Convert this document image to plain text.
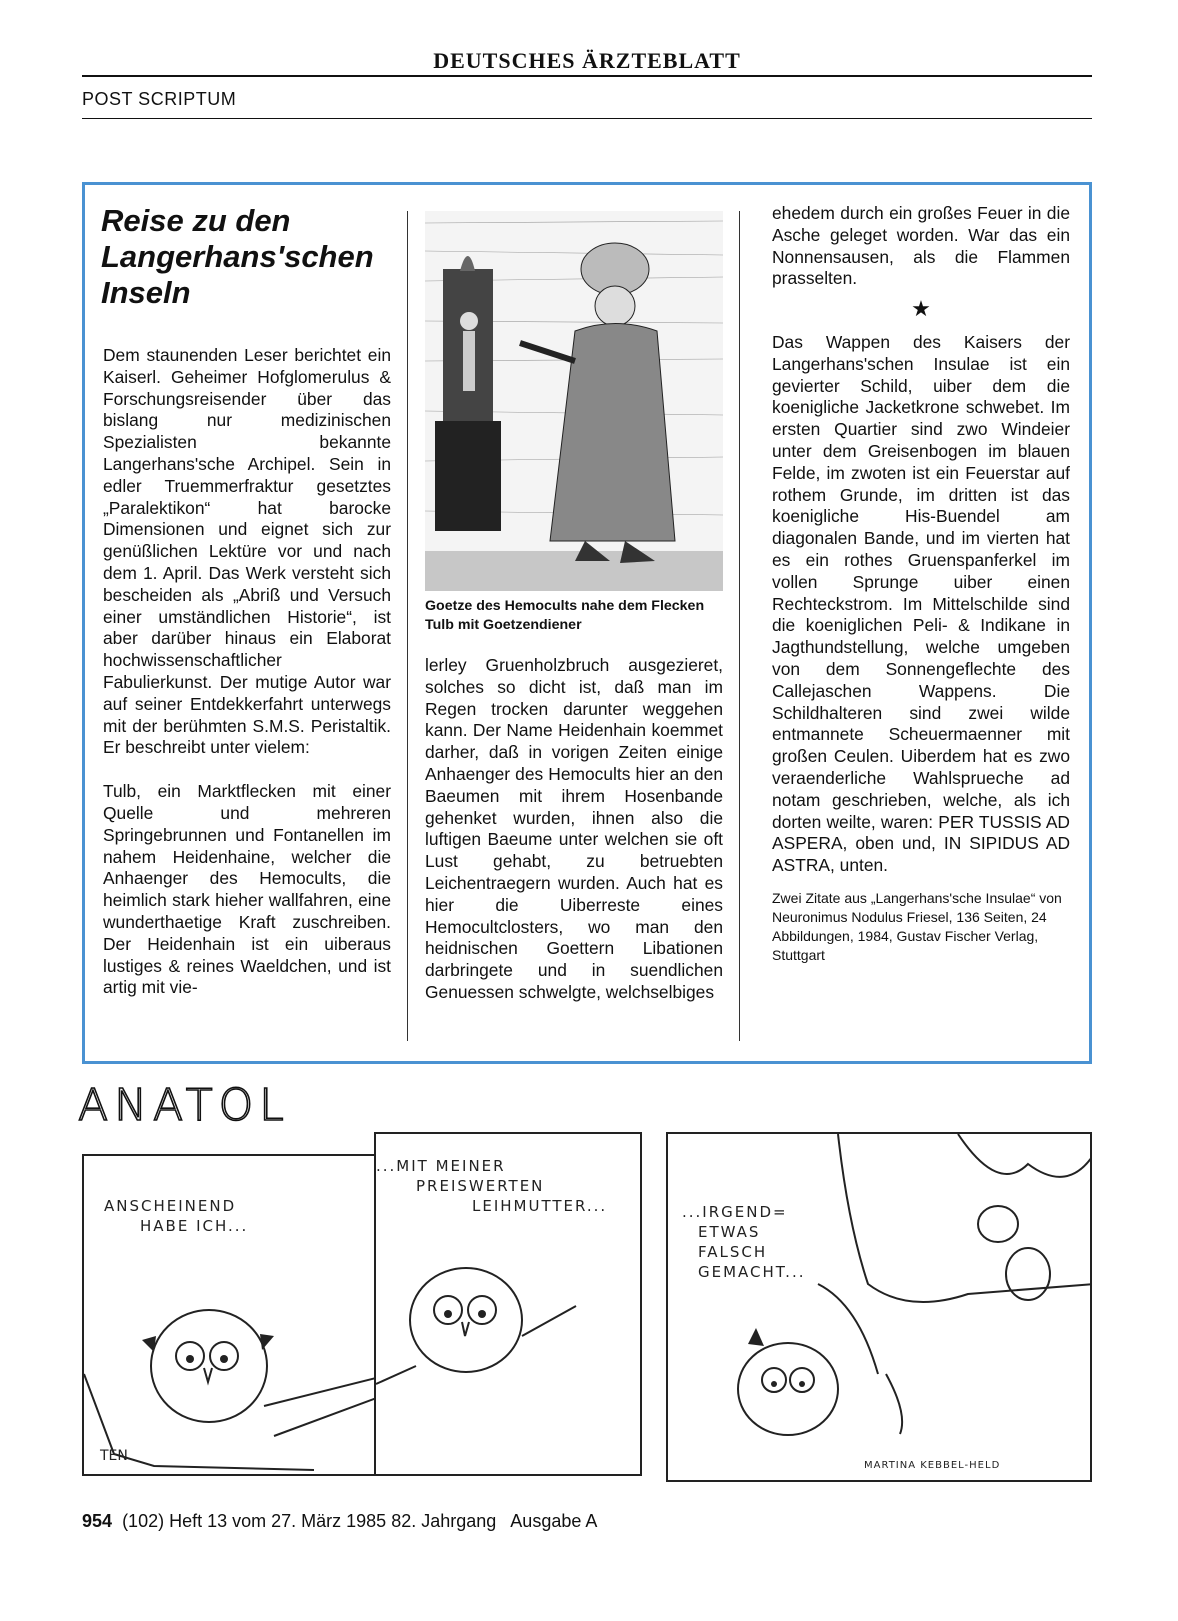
DEUTSCHES ÄRZTEBLATT
POST SCRIPTUM
Reise zu den Langerhans'schen Inseln

Dem staunenden Leser berichtet ein Kaiserl. Geheimer Hofglomerulus & Forschungsreisender über das bislang nur medizinischen Spezialisten bekannte Langerhans'sche Archipel. Sein in edler Truemmerfraktur gesetztes „Paralektikon“ hat barocke Dimensionen und eignet sich zur genüßlichen Lektüre vor und nach dem 1. April. Das Werk versteht sich bescheiden als „Abriß und Versuch einer umständlichen Historie“, ist aber darüber hinaus ein Elaborat hochwissenschaftlicher Fabulierkunst. Der mutige Autor war auf seiner Entdekkerfahrt unterwegs mit der berühmten S.M.S. Peristaltik. Er beschreibt unter vielem:

Tulb, ein Marktflecken mit einer Quelle und mehreren Springebrunnen und Fontanellen im nahem Heidenhaine, welcher die Anhaenger des Hemocults, die heimlich stark hieher wallfahren, eine wunderthaetige Kraft zuschreiben. Der Heidenhain ist ein uiberaus lustiges & reines Waeldchen, und ist artig mit vie-

Goetze des Hemocults nahe dem Flecken Tulb mit Goetzendiener

lerley Gruenholzbruch ausgezieret, solches so dicht ist, daß man im Regen trocken darunter weggehen kann. Der Name Heidenhain koemmet darher, daß in vorigen Zeiten einige Anhaenger des Hemocults hier an den Baeumen mit ihrem Hosenbande gehenket wurden, ihnen also die luftigen Baeume unter welchen sie oft Lust gehabt, zu betruebten Leichentraegern wurden. Auch hat es hier die Uiberreste eines Hemocultclosters, wo man den heidnischen Goettern Libationen darbringete und in suendlichen Genuessen schwelgte, welchselbiges

ehedem durch ein großes Feuer in die Asche geleget worden. War das ein Nonnensausen, als die Flammen prasselten.

★

Das Wappen des Kaisers der Langerhans'schen Insulae ist ein gevierter Schild, uiber dem die koenigliche Jacketkrone schwebet. Im ersten Quartier sind zwo Windeier unter dem Greisenbogen im blauen Felde, im zwoten ist ein Feuerstar auf rothem Grunde, im dritten ist das koenigliche His-Buendel am diagonalen Bande, und im vierten hat es ein rothes Gruenspanferkel im vollen Sprunge uiber einen Rechteckstrom. Im Mittelschilde sind die koeniglichen Peli- & Indikane in Jagthundstellung, welche umgeben von dem Sonnengeflechte des Callejaschen Wappens. Die Schildhalteren sind zwei wilde entmannete Scheuermaenner mit großen Ceulen. Uiberdem hat es zwo veraenderliche Wahlsprueche ad notam geschrieben, welche, als ich dorten weilte, waren: PER TUSSIS AD ASPERA, oben und, IN SIPIDUS AD ASTRA, unten.

Zwei Zitate aus „Langerhans'sche Insulae“ von Neuronimus Nodulus Friesel, 136 Seiten, 24 Abbildungen, 1984, Gustav Fischer Verlag, Stuttgart

ANATOL
ANSCHEINEND
HABE ICH...
TEN
...MIT MEINER
PREISWERTEN
LEIHMUTTER...	...IRGEND=
ETWAS
FALSCH
GEMACHT...
MARTINA KEBBEL-HELD
954 (102) Heft 13 vom 27. März 1985 82. Jahrgang Ausgabe A
